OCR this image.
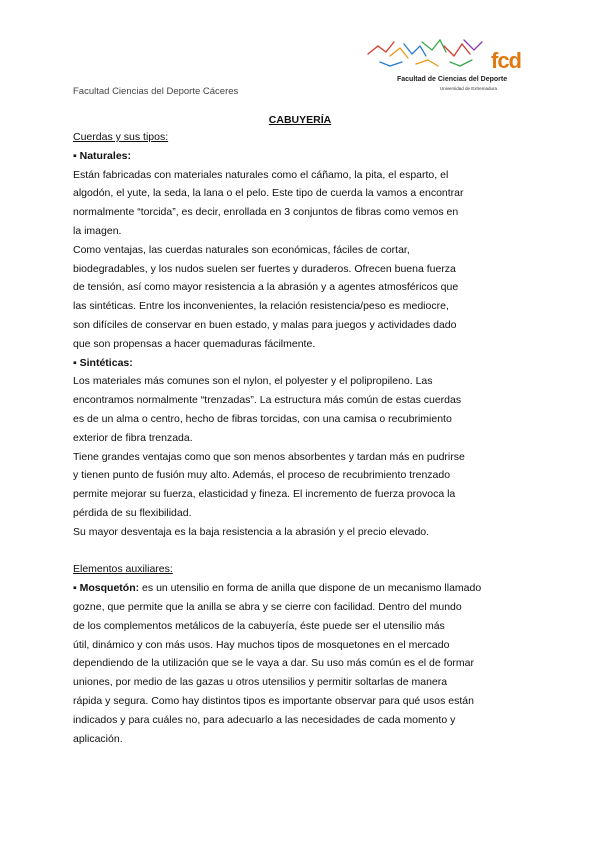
Facultad Ciencias del Deporte Cáceres
fcd
Facultad de Ciencias del Deporte
Universidad de Extremadura
CABUYERÍA
Cuerdas y sus tipos:
▪ Naturales:
Están fabricadas con materiales naturales como el cáñamo, la pita, el esparto, el
algodón, el yute, la seda, la lana o el pelo. Este tipo de cuerda la vamos a encontrar
normalmente “torcida”, es decir, enrollada en 3 conjuntos de fibras como vemos en
la imagen.
Como ventajas, las cuerdas naturales son económicas, fáciles de cortar,
biodegradables, y los nudos suelen ser fuertes y duraderos. Ofrecen buena fuerza
de tensión, así como mayor resistencia a la abrasión y a agentes atmosféricos que
las sintéticas. Entre los inconvenientes, la relación resistencia/peso es mediocre,
son difíciles de conservar en buen estado, y malas para juegos y actividades dado
que son propensas a hacer quemaduras fácilmente.
▪ Sintéticas:
Los materiales más comunes son el nylon, el polyester y el polipropileno. Las
encontramos normalmente “trenzadas”. La estructura más común de estas cuerdas
es de un alma o centro, hecho de fibras torcidas, con una camisa o recubrimiento
exterior de fibra trenzada.
Tiene grandes ventajas como que son menos absorbentes y tardan más en pudrirse
y tienen punto de fusión muy alto. Además, el proceso de recubrimiento trenzado
permite mejorar su fuerza, elasticidad y fineza. El incremento de fuerza provoca la
pérdida de su flexibilidad.
Su mayor desventaja es la baja resistencia a la abrasión y el precio elevado.
Elementos auxiliares:
▪ Mosquetón: es un utensilio en forma de anilla que dispone de un mecanismo llamado
gozne, que permite que la anilla se abra y se cierre con facilidad. Dentro del mundo
de los complementos metálicos de la cabuyería, éste puede ser el utensilio más
útil, dinámico y con más usos. Hay muchos tipos de mosquetones en el mercado
dependiendo de la utilización que se le vaya a dar. Su uso más común es el de formar
uniones, por medio de las gazas u otros utensilios y permitir soltarlas de manera
rápida y segura. Como hay distintos tipos es importante observar para qué usos están
indicados y para cuáles no, para adecuarlo a las necesidades de cada momento y
aplicación.
